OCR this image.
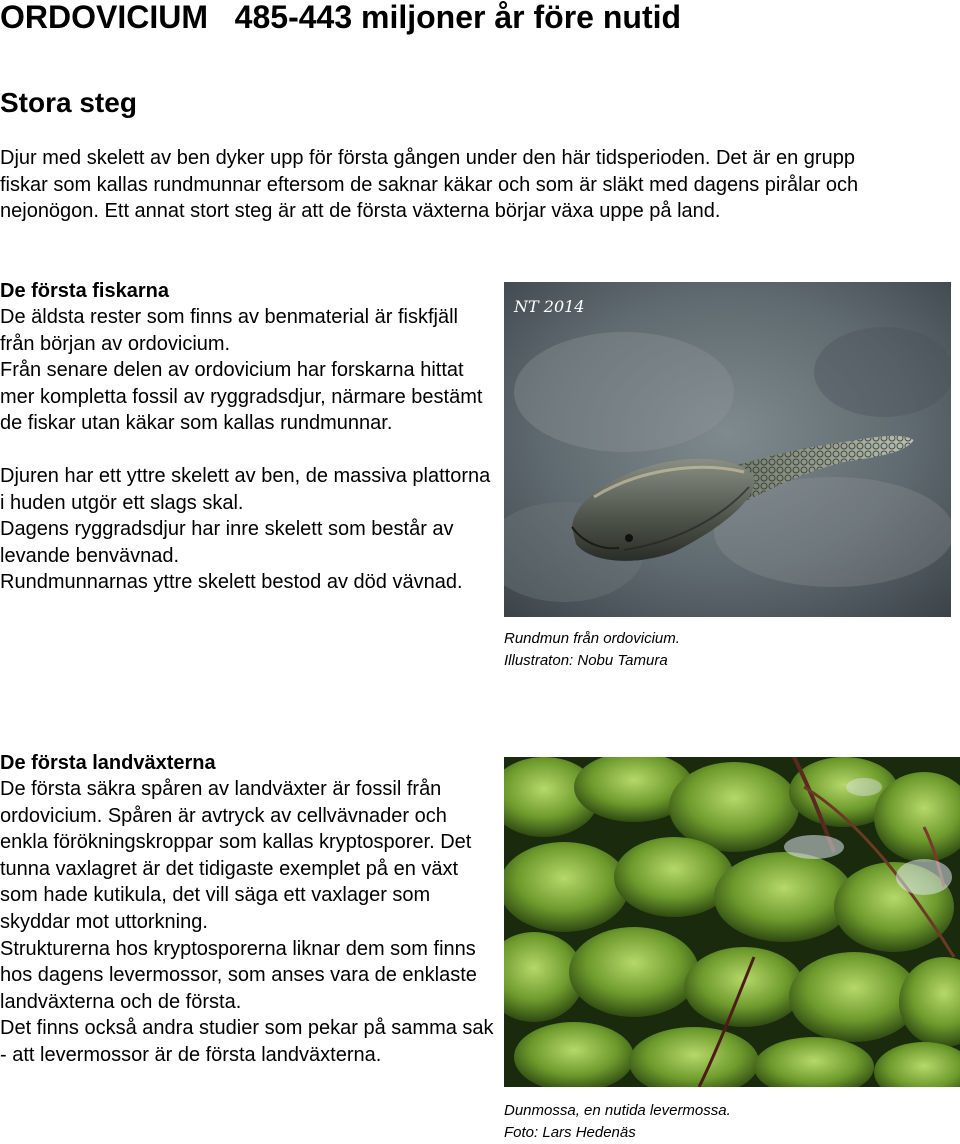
ORDOVICIUM   485-443 miljoner år före nutid
Stora steg

Djur med skelett av ben dyker upp för första gången under den här tidsperioden. Det är en grupp fiskar som kallas rundmunnar eftersom de saknar käkar och som är släkt med dagens pirålar och nejonögon. Ett annat stort steg är att de första växterna börjar växa uppe på land.

De första fiskarna

De äldsta rester som finns av benmaterial är fiskfjäll från början av ordovicium.

Från senare delen av ordovicium har forskarna hittat mer kompletta fossil av ryggradsdjur, närmare bestämt de fiskar utan käkar som kallas rundmunnar.

Djuren har ett yttre skelett av ben, de massiva plattorna i huden utgör ett slags skal.

Dagens ryggradsdjur har inre skelett som består av levande benvävnad.

Rundmunnarnas yttre skelett bestod av död vävnad.

NT 2014
Rundmun från ordovicium.
Illustraton: Nobu Tamura

De första landväxterna

De första säkra spåren av landväxter är fossil från ordovicium. Spåren är avtryck av cellvävnader och enkla förökningskroppar som kallas kryptosporer. Det tunna vaxlagret är det tidigaste exemplet på en växt som hade kutikula, det vill säga ett vaxlager som skyddar mot uttorkning.

Strukturerna hos kryptosporerna liknar dem som finns hos dagens levermossor, som anses vara de enklaste landväxterna och de första.

Det finns också andra studier som pekar på samma sak - att levermossor är de första landväxterna.

Dunmossa, en nutida levermossa.
Foto: Lars Hedenäs
